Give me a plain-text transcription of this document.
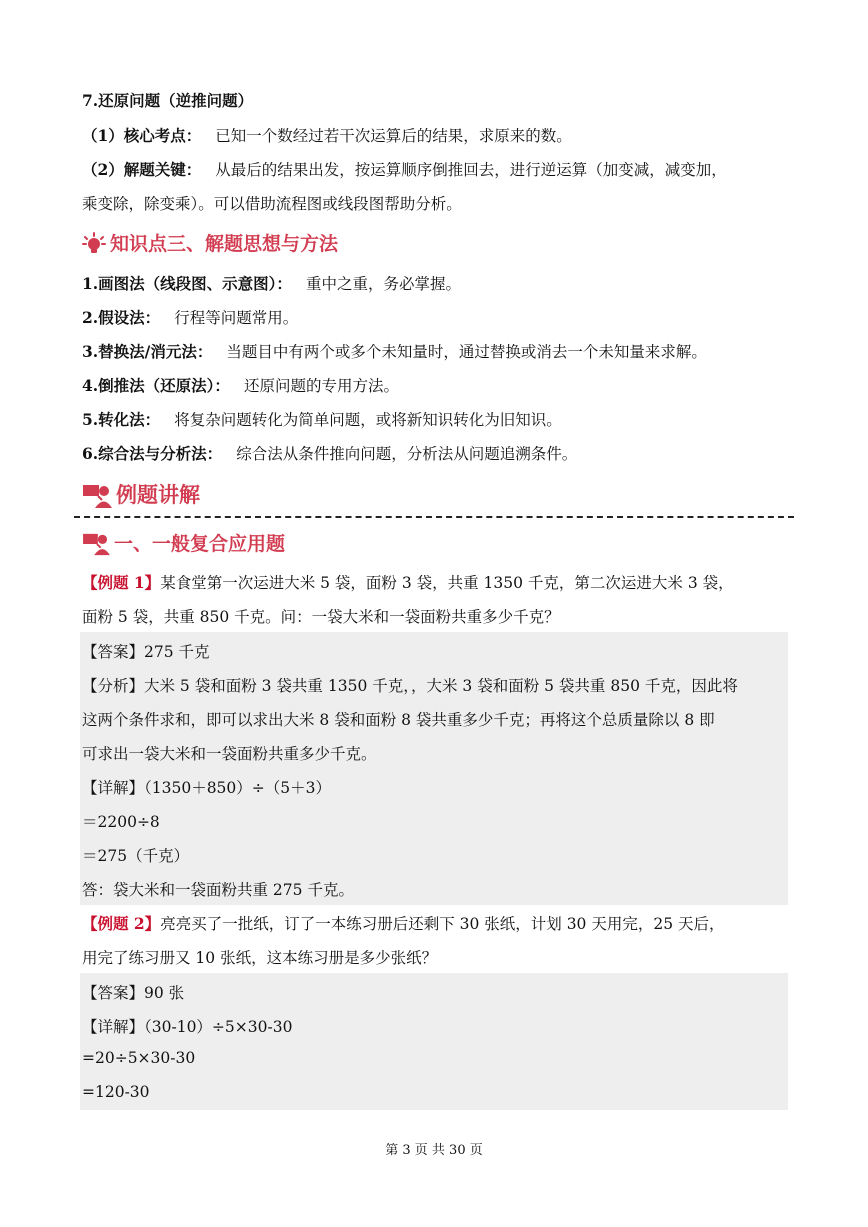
7.还原问题（逆推问题）
（1）核心考点： 已知一个数经过若干次运算后的结果，求原来的数。
（2）解题关键： 从最后的结果出发，按运算顺序倒推回去，进行逆运算（加变减，减变加，
乘变除，除变乘）。可以借助流程图或线段图帮助分析。
知识点三、解题思想与方法
1.画图法（线段图、示意图）： 重中之重，务必掌握。
2.假设法： 行程等问题常用。
3.替换法/消元法： 当题目中有两个或多个未知量时，通过替换或消去一个未知量来求解。
4.倒推法（还原法）： 还原问题的专用方法。
5.转化法： 将复杂问题转化为简单问题，或将新知识转化为旧知识。
6.综合法与分析法： 综合法从条件推向问题，分析法从问题追溯条件。
例题讲解
一、一般复合应用题
【例题 1】某食堂第一次运进大米 5 袋，面粉 3 袋，共重 1350 千克，第二次运进大米 3 袋，
面粉 5 袋，共重 850 千克。问：一袋大米和一袋面粉共重多少千克？
【答案】275 千克
【分析】大米 5 袋和面粉 3 袋共重 1350 千克，，大米 3 袋和面粉 5 袋共重 850 千克，因此将
这两个条件求和，即可以求出大米 8 袋和面粉 8 袋共重多少千克；再将这个总质量除以 8 即
可求出一袋大米和一袋面粉共重多少千克。
【详解】（1350＋850）÷（5＋3）
＝2200÷8
＝275（千克）
答：袋大米和一袋面粉共重 275 千克。
【例题 2】亮亮买了一批纸，订了一本练习册后还剩下 30 张纸，计划 30 天用完，25 天后，
用完了练习册又 10 张纸，这本练习册是多少张纸？
【答案】90 张
【详解】（30-10）÷5×30-30
=20÷5×30-30
=120-30
第 3 页 共 30 页
